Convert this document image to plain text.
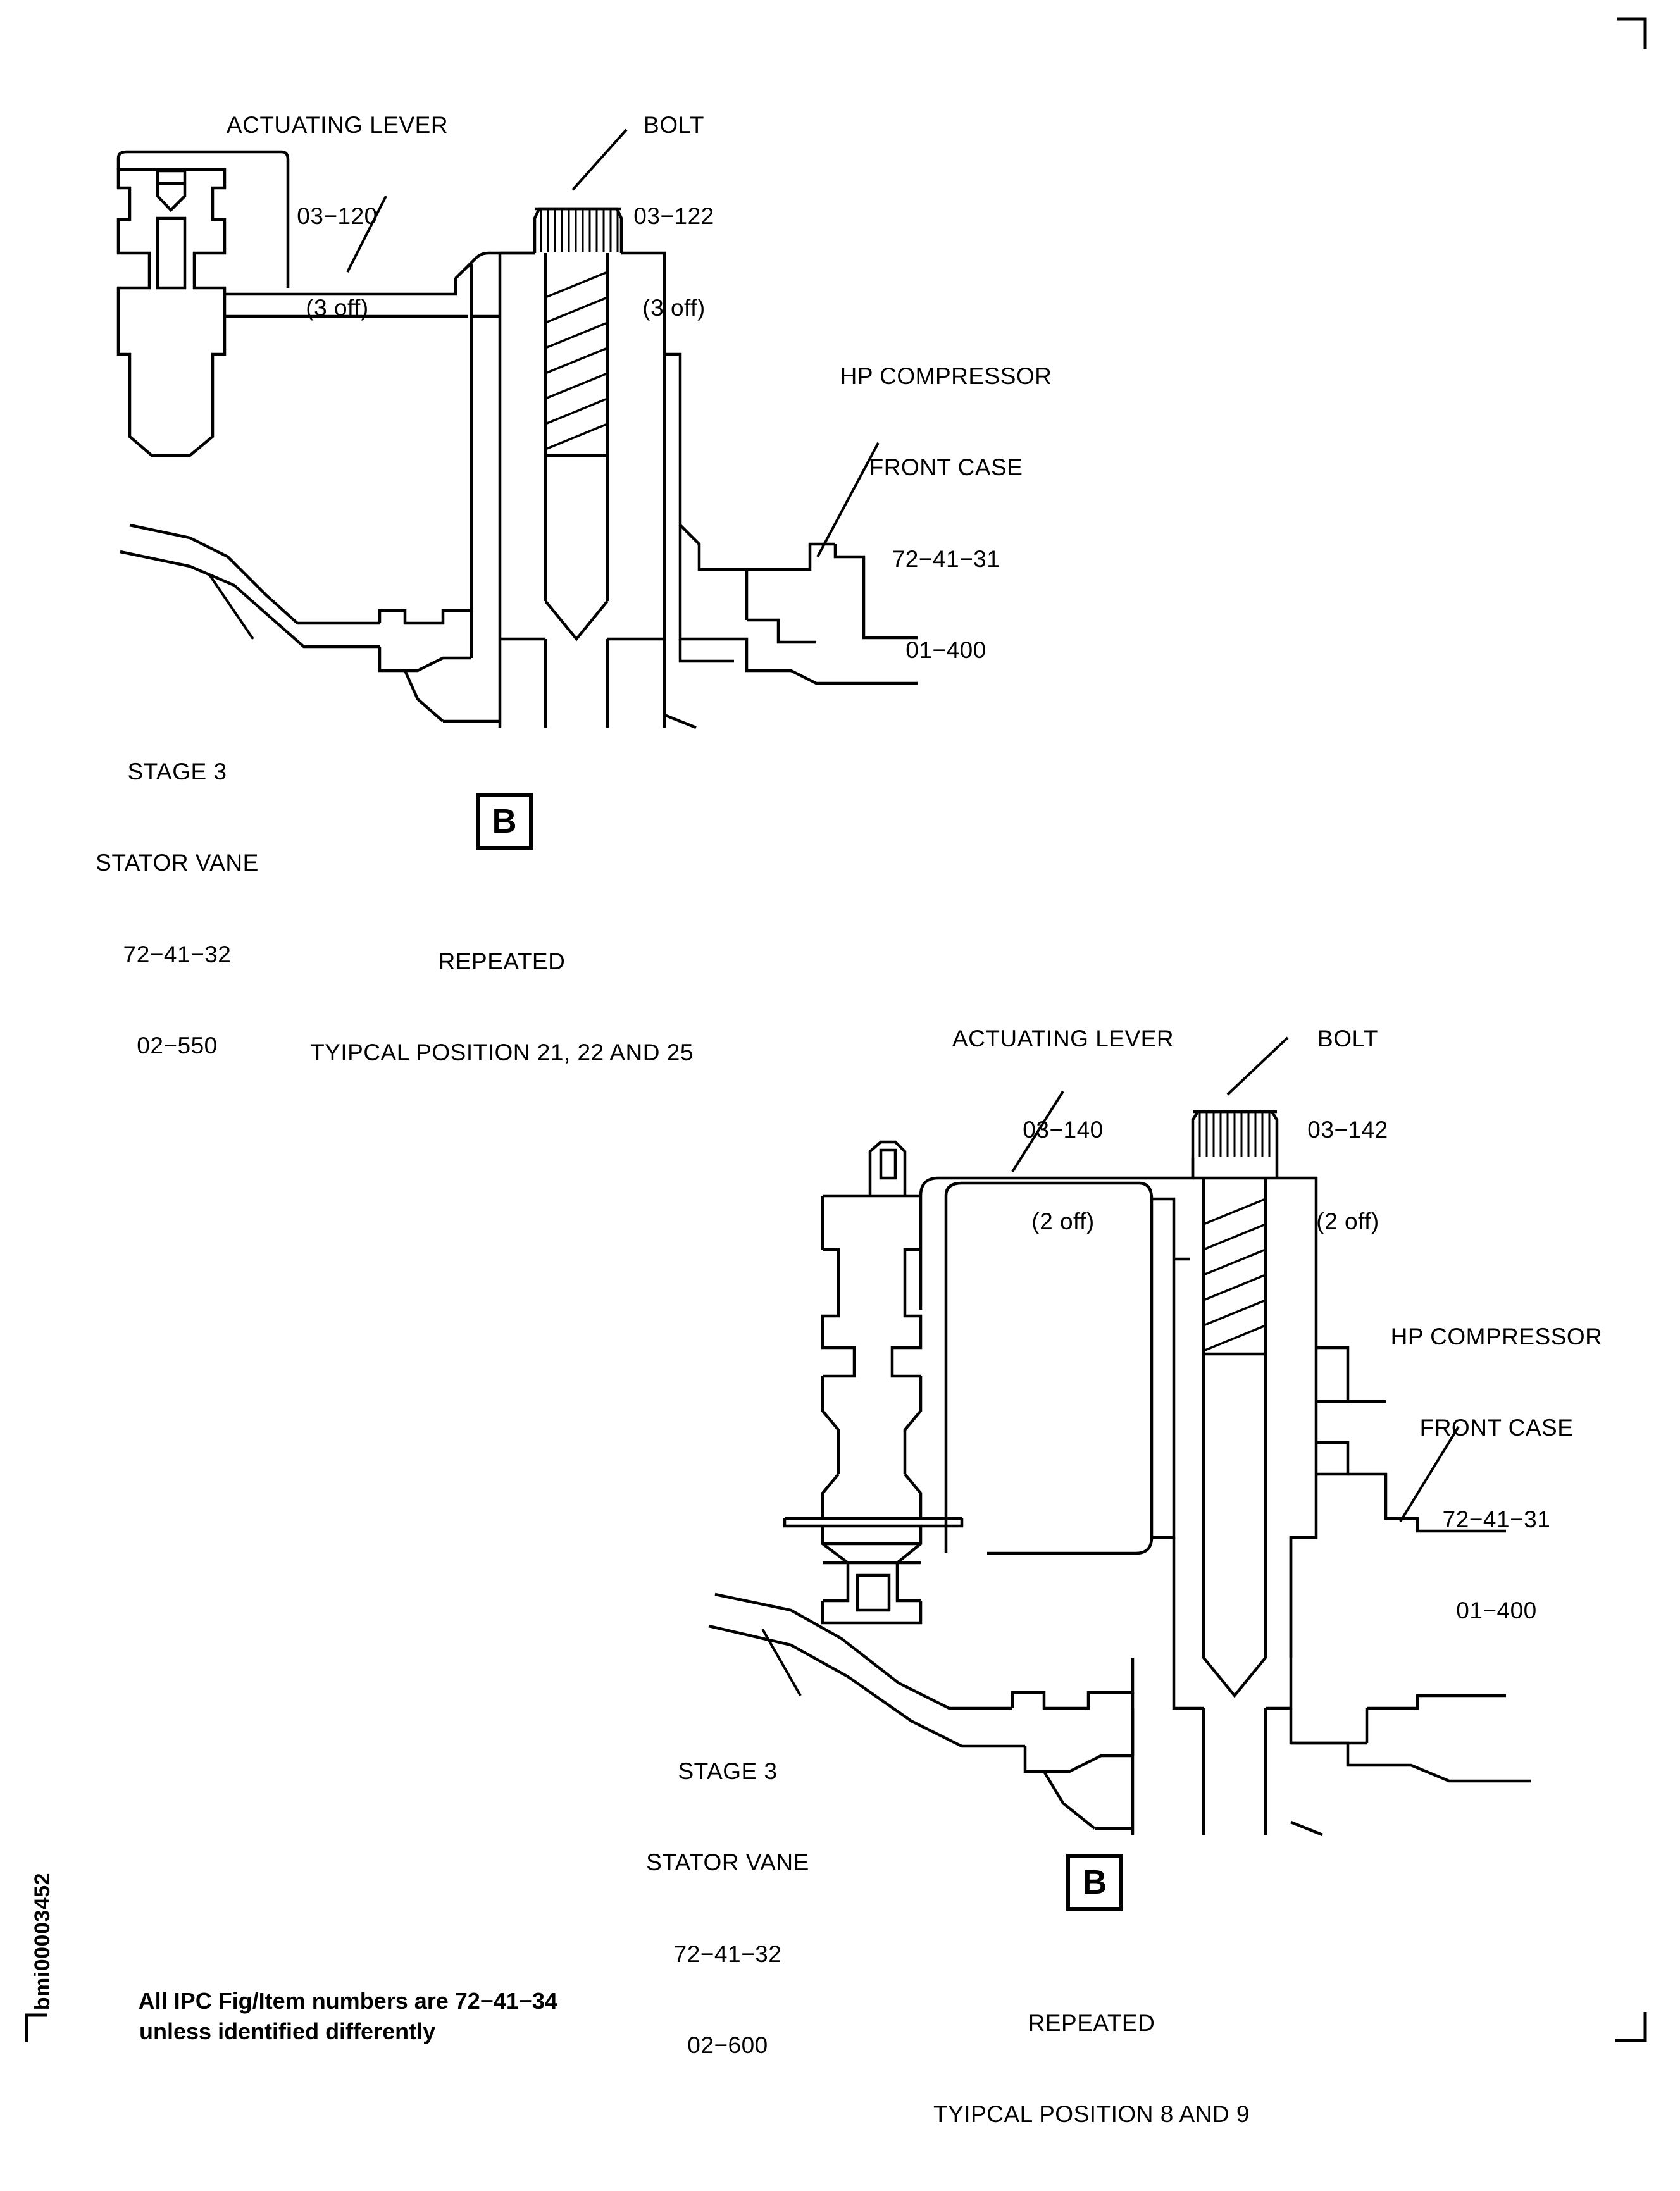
ACTUATING LEVER

03−120

(3 off)

BOLT

03−122

(3 off)

HP COMPRESSOR

FRONT CASE

72−41−31

01−400

STAGE 3

STATOR VANE

72−41−32

02−550

B

REPEATED

TYIPCAL POSITION 21, 22 AND 25

ACTUATING LEVER

03−140

(2 off)

BOLT

03−142

(2 off)

HP COMPRESSOR

FRONT CASE

72−41−31

01−400

STAGE 3

STATOR VANE

72−41−32

02−600

B

REPEATED

TYIPCAL POSITION 8 AND 9

All IPC Fig/Item numbers are 72−41−34
unless identified differently

bmi00003452
